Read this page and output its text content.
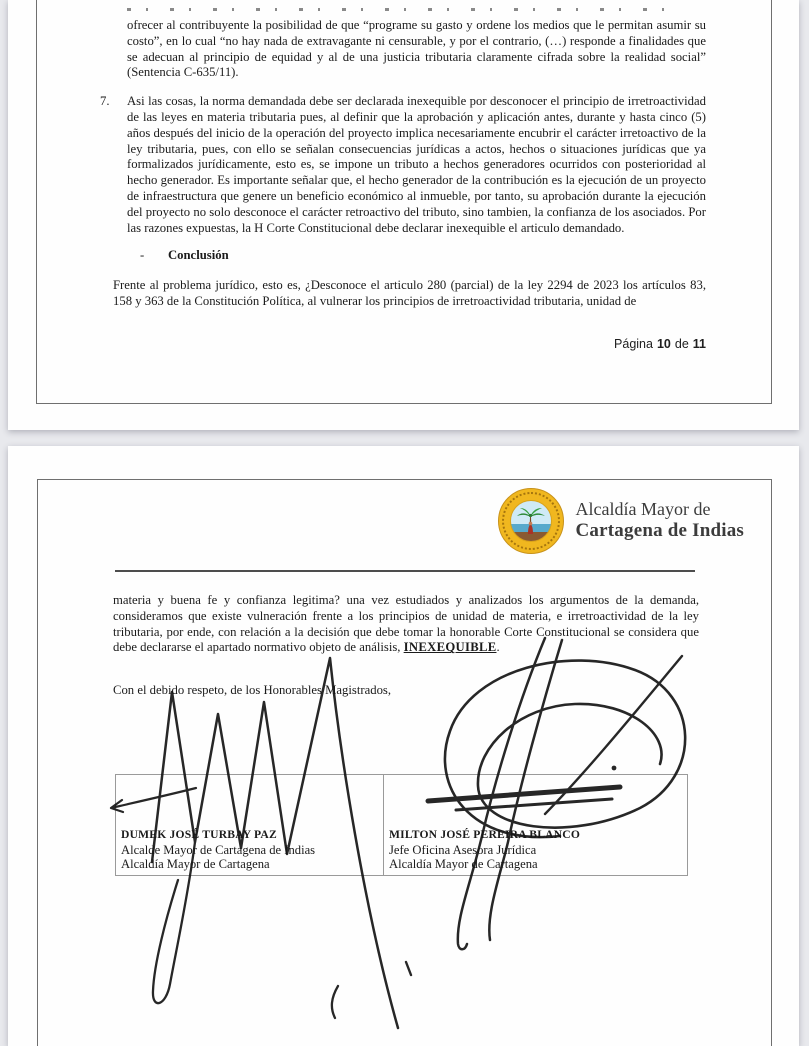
ofrecer al contribuyente la posibilidad de que “programe su gasto y ordene los medios que le permitan asumir su costo”, en lo cual “no hay nada de extravagante ni censurable, y por el contrario, (…) responde a finalidades que se adecuan al principio de equidad y al de una justicia tributaria claramente cifrada sobre la realidad social” (Sentencia C-635/11).
7.	Asi las cosas, la norma demandada debe ser declarada inexequible por desconocer el principio de irretroactividad de las leyes en materia tributaria pues, al definir que la aprobación y aplicación antes, durante y hasta cinco (5) años después del inicio de la operación del proyecto implica necesariamente encubrir el carácter irretoactivo de la ley tributaria, pues, con ello se señalan consecuencias jurídicas a actos, hechos o situaciones jurídicas que ya formalizados jurídicamente, esto es, se impone un tributo a hechos generadores ocurridos con posterioridad al hecho generador. Es importante señalar que, el hecho generador de la contribución es la ejecución de un proyecto de infraestructura que genere un beneficio económico al inmueble, por tanto, su aprobación durante la ejecución del proyecto no solo desconoce el carácter retroactivo del tributo, sino tambien, la confianza de los asociados. Por las razones expuestas, la H Corte Constitucional debe declarar inexequible el articulo demandado.
-	Conclusión
Frente al problema jurídico, esto es, ¿Desconoce el articulo 280 (parcial) de la ley 2294 de 2023 los artículos 83, 158 y 363 de la Constitución Política, al vulnerar los principios de irretroactividad tributaria, unidad de
Página 10 de 11
Alcaldía Mayor de
Cartagena de Indias
materia y buena fe y confianza legitima? una vez estudiados y analizados los argumentos de la demanda, consideramos que existe vulneración frente a los principios de unidad de materia, e irretroactividad de la ley tributaria, por ende, con relación a la decisión que debe tomar la honorable Corte Constitucional se considera que debe declararse el apartado normativo objeto de análisis, INEXEQUIBLE.
Con el debido respeto, de los Honorables Magistrados,
DUMEK JOSÉ TURBAY PAZ
Alcalde Mayor de Cartagena de Indias
Alcaldía Mayor de Cartagena
MILTON JOSÉ PEREIRA BLANCO
Jefe Oficina Asesora Jurídica
Alcaldía Mayor de Cartagena
